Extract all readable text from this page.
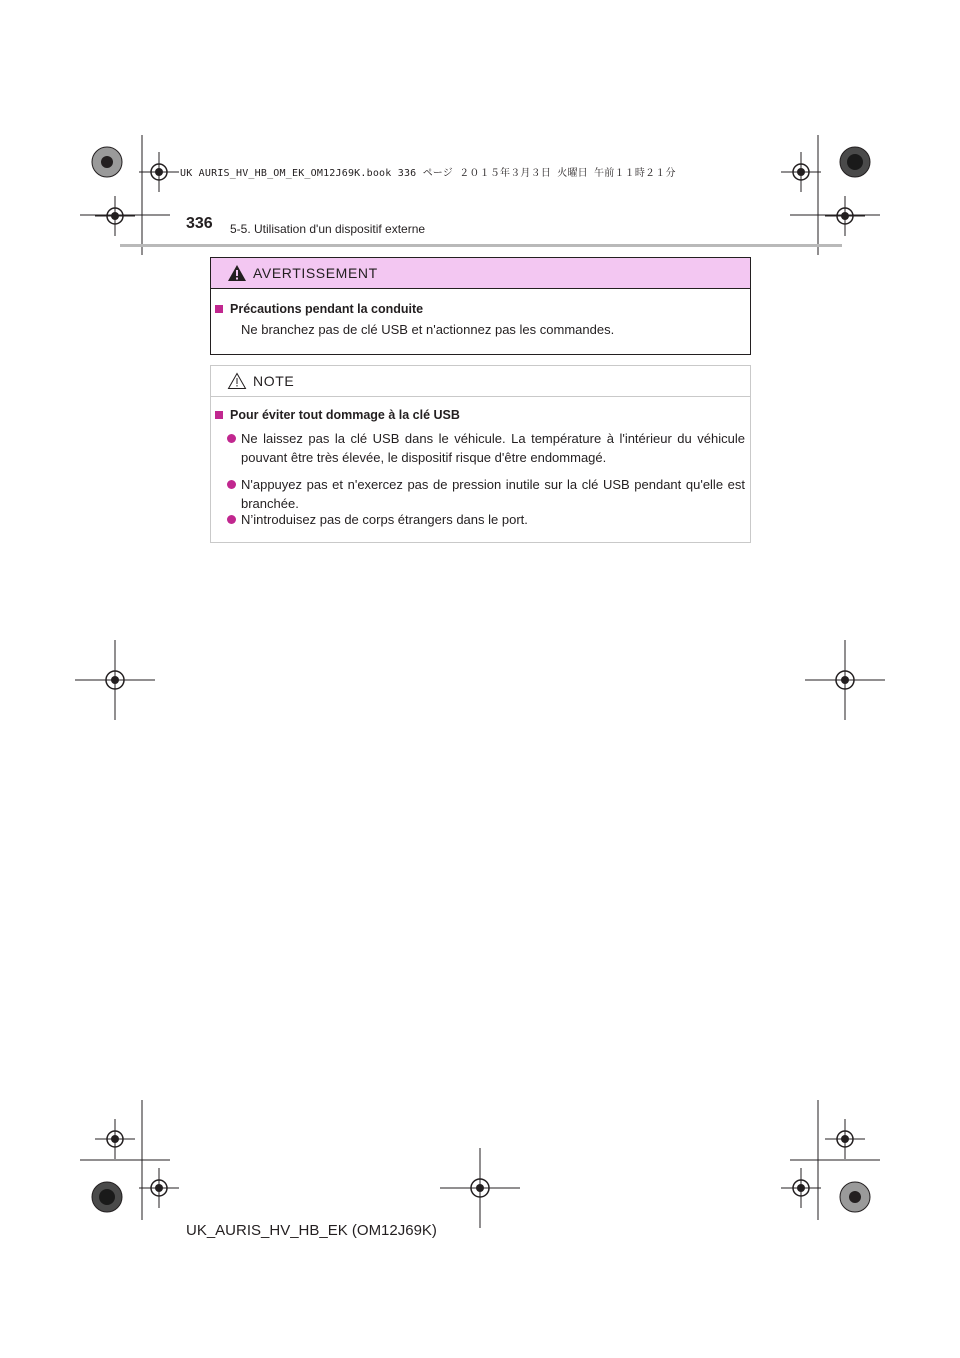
UK AURIS_HV_HB_OM_EK_OM12J69K.book 336 ページ ２０１５年３月３日 火曜日 午前１１時２１分
336 5-5. Utilisation d'un dispositif externe
AVERTISSEMENT
Précautions pendant la conduite
Ne branchez pas de clé USB et n'actionnez pas les commandes.
NOTE
Pour éviter tout dommage à la clé USB
Ne laissez pas la clé USB dans le véhicule. La température à l'intérieur du véhicule pouvant être très élevée, le dispositif risque d'être endommagé.
N'appuyez pas et n'exercez pas de pression inutile sur la clé USB pendant qu'elle est branchée.
N’introduisez pas de corps étrangers dans le port.
UK_AURIS_HV_HB_EK (OM12J69K)
